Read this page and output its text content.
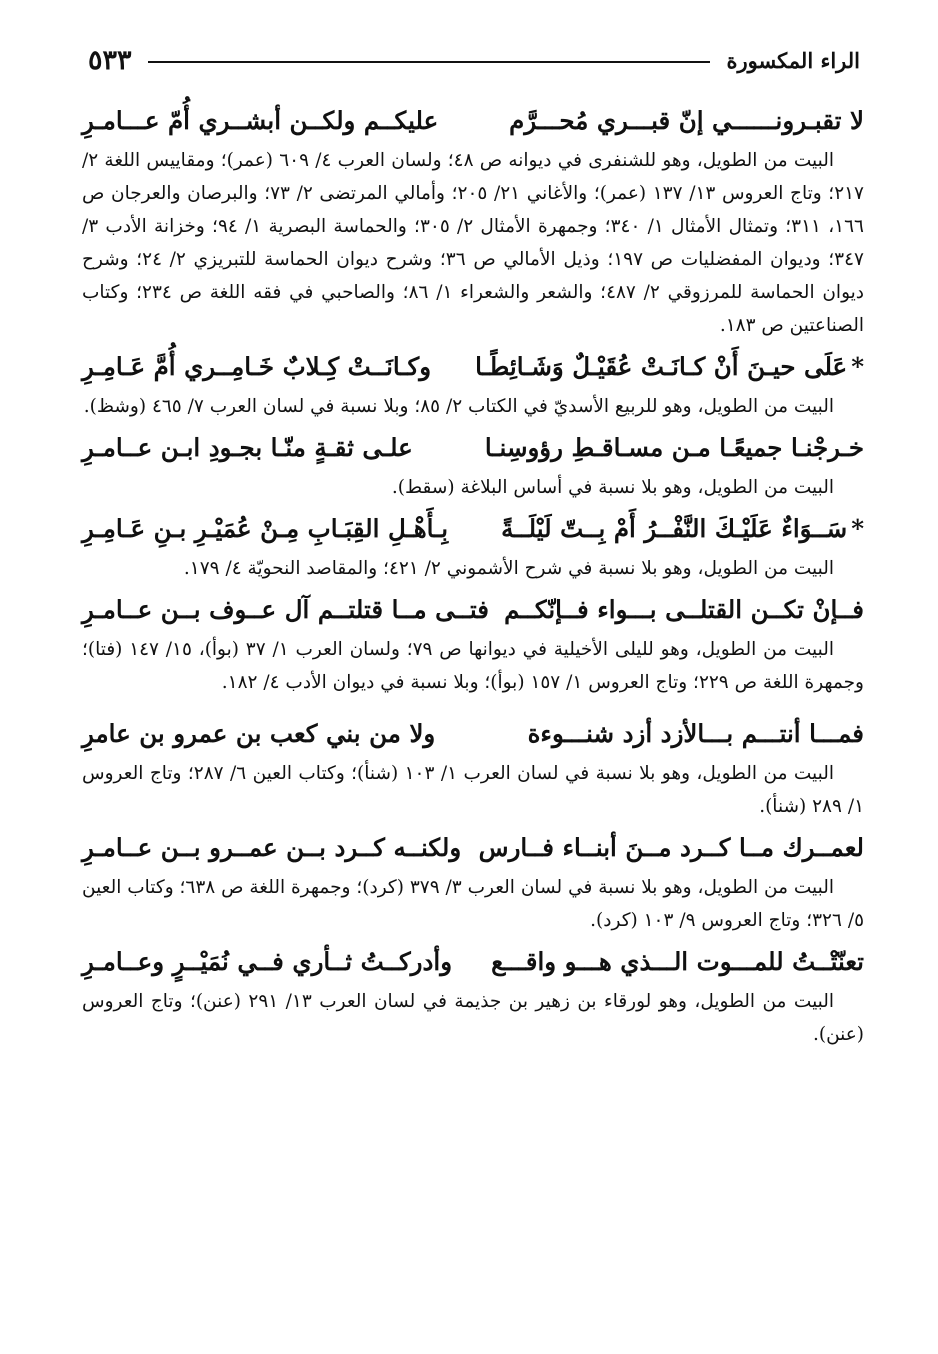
الراء المكسورة
٥٣٣
لا تقبـرونــــــي إنّ قبـــري مُحـــرَّم
عليكــم ولكــن أبشــري أُمّ عـــامـرِ

البيت من الطويل، وهو للشنفرى في ديوانه ص ٤٨؛ ولسان العرب ٤/ ٦٠٩ (عمر)؛ ومقاييس اللغة ٢/ ٢١٧؛ وتاج العروس ١٣/ ١٣٧ (عمر)؛ والأغاني ٢١/ ٢٠٥؛ وأمالي المرتضى ٢/ ٧٣؛ والبرصان والعرجان ص ١٦٦، ٣١١؛ وتمثال الأمثال ١/ ٣٤٠؛ وجمهرة الأمثال ٢/ ٣٠٥؛ والحماسة البصرية ١/ ٩٤؛ وخزانة الأدب ٣/ ٣٤٧؛ وديوان المفضليات ص ١٩٧؛ وذيل الأمالي ص ٣٦؛ وشرح ديوان الحماسة للتبريزي ٢/ ٢٤؛ وشرح ديوان الحماسة للمرزوقي ٢/ ٤٨٧؛ والشعر والشعراء ١/ ٨٦؛ والصاحبي في فقه اللغة ص ٢٣٤؛ وكتاب الصناعتين ص ١٨٣.

*عَلَى حيـنَ أَنْ كـانَـتْ عُقَيْـلٌ وَشَـائِطًـا
وكـانَــتْ كِـلابٌ خَـامِــري أُمَّ عَـامِـرِ

البيت من الطويل، وهو للربيع الأسديّ في الكتاب ٢/ ٨٥؛ وبلا نسبة في لسان العرب ٧/ ٤٦٥ (وشظ).

خـرجْنـا جميعًـا مـن مسـاقـطِ رؤوسِنـا
علـى ثقـةٍ منّـا بجـودِ ابـن عــامـرِ

البيت من الطويل، وهو بلا نسبة في أساس البلاغة (سقط).

*سَــوَاءٌ عَلَيْـكَ النَّفْــرُ أَمْ بِــتّ لَيْلَــةً
بِـأَهْـلِ القِبَـابِ مِـنْ عُمَيْـرِ بـنِ عَـامِـرِ

البيت من الطويل، وهو بلا نسبة في شرح الأشموني ٢/ ٤٢١؛ والمقاصد النحويّة ٤/ ١٧٩.

فــإنْ تكــن القتلــى بـــواء فــإنّكــم
فتــى مــا قتلتــم آل عــوف بــن عــامـرِ

البيت من الطويل، وهو لليلى الأخيلية في ديوانها ص ٧٩؛ ولسان العرب ١/ ٣٧ (بوأ)، ١٥/ ١٤٧ (فتا)؛ وجمهرة اللغة ص ٢٢٩؛ وتاج العروس ١/ ١٥٧ (بوأ)؛ وبلا نسبة في ديوان الأدب ٤/ ١٨٢.

فمـــا أنتـــم بـــالأزد أزد شنـــوءة
ولا من بني كعب بن عمرو بن عامرِ

البيت من الطويل، وهو بلا نسبة في لسان العرب ١/ ١٠٣ (شنأ)؛ وكتاب العين ٦/ ٢٨٧؛ وتاج العروس ١/ ٢٨٩ (شنأ).

لعمــرك مــا كــرد مــنَ أبنــاء فــارس
ولكنــه كــرد بــن عمــرو بــن عــامـرِ

البيت من الطويل، وهو بلا نسبة في لسان العرب ٣/ ٣٧٩ (كرد)؛ وجمهرة اللغة ص ٦٣٨؛ وكتاب العين ٥/ ٣٢٦؛ وتاج العروس ٩/ ١٠٣ (كرد).

تعنّتْــتُ للمـــوت الـــذي هـــو واقـــع
وأدركــتُ ثــأري فــي نُمَيْــرٍ وعــامـرِ

البيت من الطويل، وهو لورقاء بن زهير بن جذيمة في لسان العرب ١٣/ ٢٩١ (عنن)؛ وتاج العروس (عنن).
